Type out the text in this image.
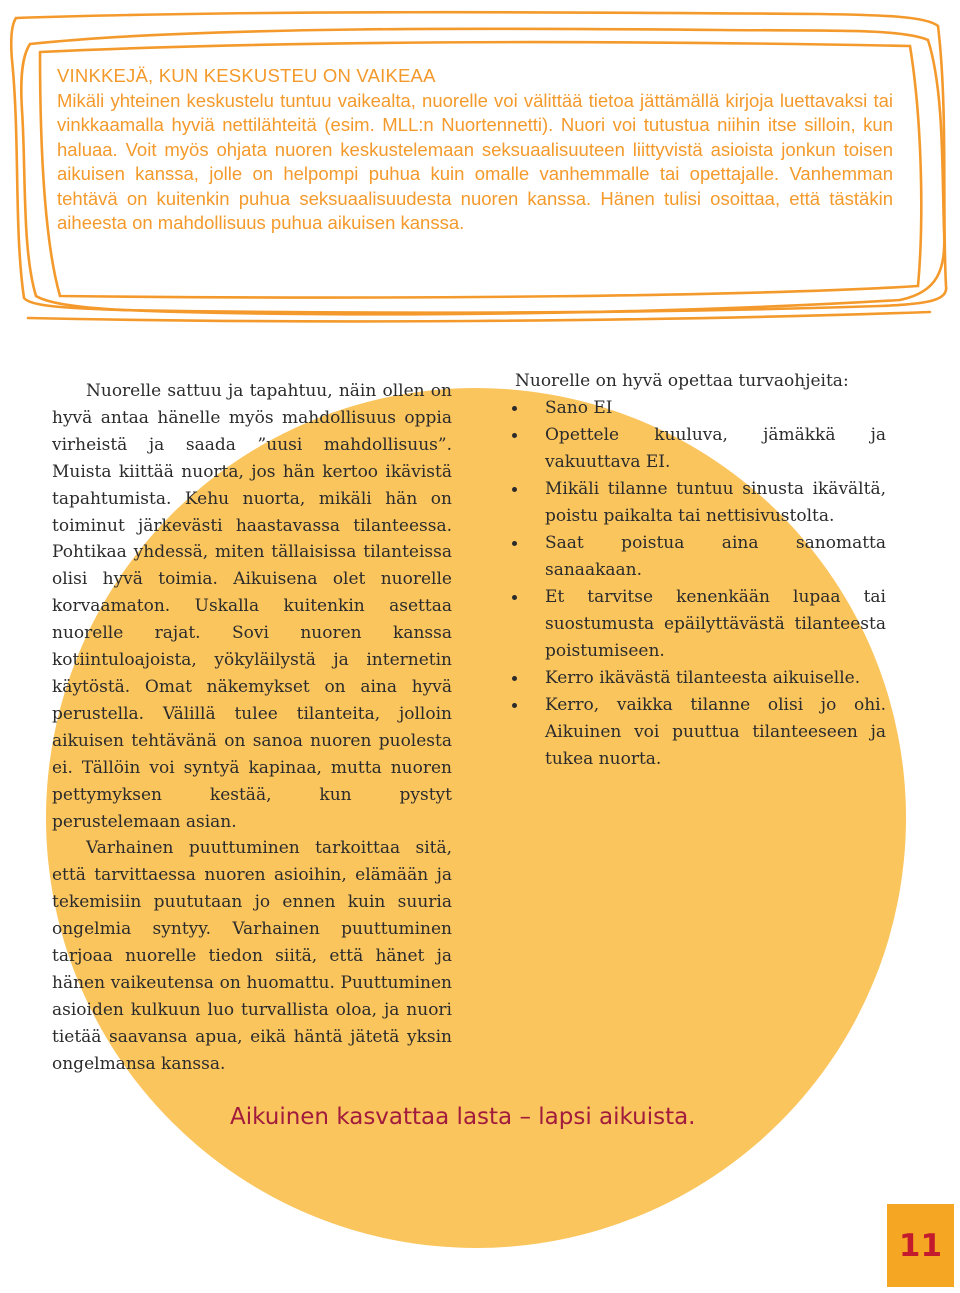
VINKKEJÄ, KUN KESKUSTEU ON VAIKEAA

Mikäli yhteinen keskustelu tuntuu vaikealta, nuorelle voi välittää tietoa jättämällä kirjoja luettavaksi tai vinkkaamalla hyviä nettilähteitä (esim. MLL:n Nuortennetti). Nuori voi tutustua niihin itse silloin, kun haluaa. Voit myös ohjata nuoren keskustelemaan seksuaalisuuteen liittyvistä asioista jonkun toisen aikuisen kanssa, jolle on helpompi puhua kuin omalle vanhemmalle tai opettajalle. Vanhemman tehtävä on kuitenkin puhua seksuaalisuudesta nuoren kanssa. Hänen tulisi osoittaa, että tästäkin aiheesta on mahdollisuus puhua aikuisen kanssa.

Nuorelle sattuu ja tapahtuu, näin ollen on hyvä antaa hänelle myös mahdollisuus oppia virheistä ja saada ”uusi mahdollisuus”. Muista kiittää nuorta, jos hän kertoo ikävistä tapahtumista. Kehu nuorta, mikäli hän on toiminut järkevästi haastavassa tilanteessa. Pohtikaa yhdessä, miten tällaisissa tilanteissa olisi hyvä toimia. Aikuisena olet nuorelle korvaamaton. Uskalla kuitenkin asettaa nuorelle rajat. Sovi nuoren kanssa kotiintuloajoista, yökyläilystä ja internetin käytöstä. Omat näkemykset on aina hyvä perustella. Välillä tulee tilanteita, jolloin aikuisen tehtävänä on sanoa nuoren puolesta ei. Tällöin voi syntyä kapinaa, mutta nuoren pettymyksen kestää, kun pystyt perustelemaan asian.

Varhainen puuttuminen tarkoittaa sitä, että tarvittaessa nuoren asioihin, elämään ja tekemisiin puututaan jo ennen kuin suuria ongelmia syntyy. Varhainen puuttuminen tarjoaa nuorelle tiedon siitä, että hänet ja hänen vaikeutensa on huomattu. Puuttuminen asioiden kulkuun luo turvallista oloa, ja nuori tietää saavansa apua, eikä häntä jätetä yksin ongelmansa kanssa.

Nuorelle on hyvä opettaa turvaohjeita:

Sano EI
Opettele kuuluva, jämäkkä ja vakuuttava EI.
Mikäli tilanne tuntuu sinusta ikävältä, poistu paikalta tai nettisivustolta.
Saat poistua aina sanomatta sanaakaan.
Et tarvitse kenenkään lupaa tai suostumusta epäilyttävästä tilanteesta poistumiseen.
Kerro ikävästä tilanteesta aikuiselle.
Kerro, vaikka tilanne olisi jo ohi. Aikuinen voi puuttua tilanteeseen ja tukea nuorta.
Aikuinen kasvattaa lasta – lapsi aikuista.
11
